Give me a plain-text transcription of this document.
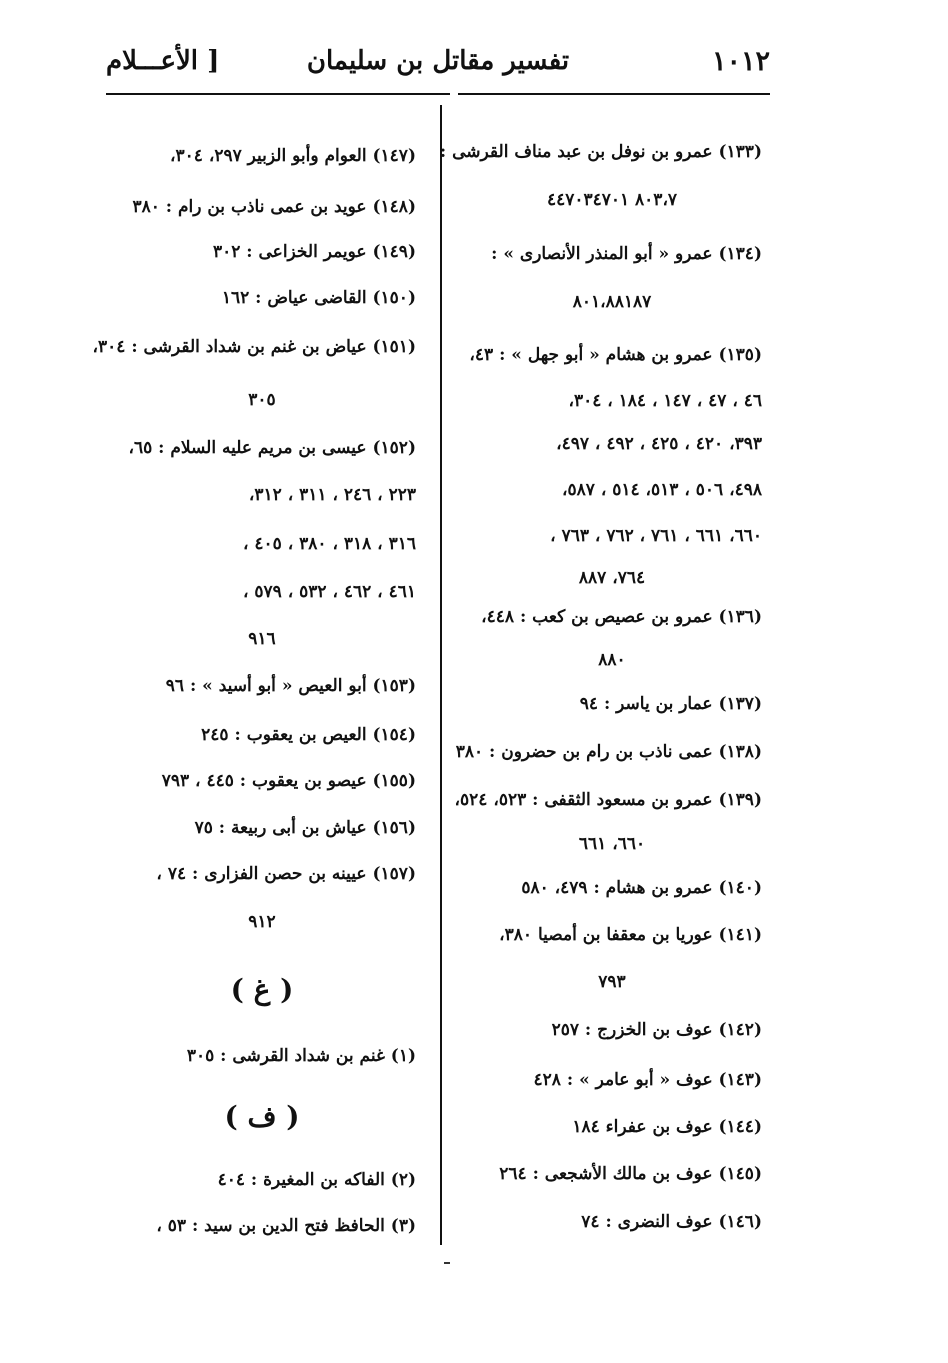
١٠١٢
تفسير مقاتل بن سليمان
[ الأعـــلام
(١٣٣) عمرو بن نوفل بن عبد مناف القرشى :
٨٠٣،٧ ٤٤٧٠٣٤٧٠١
(١٣٤) عمرو « أبو المنذر الأنصارى » :
٨٠١،٨٨١٨٧
(١٣٥) عمرو بن هشام « أبو جهل » : ٤٣،
٤٦ ، ٤٧ ، ١٤٧ ، ١٨٤ ، ٣٠٤،
٣٩٣، ٤٢٠ ، ٤٢٥ ، ٤٩٢ ، ٤٩٧،
٤٩٨، ٥٠٦ ، ٥١٣، ٥١٤ ، ٥٨٧،
٦٦٠، ٦٦١ ، ٧٦١ ، ٧٦٢ ، ٧٦٣ ،
٧٦٤، ٨٨٧
(١٣٦) عمرو بن عصيص بن كعب : ٤٤٨،
٨٨٠
(١٣٧) عمار بن ياسر : ٩٤
(١٣٨) عمى ناذب بن رام بن حضرون : ٣٨٠
(١٣٩) عمرو بن مسعود الثقفى : ٥٢٣، ٥٢٤،
٦٦٠، ٦٦١
(١٤٠) عمرو بن هشام : ٤٧٩، ٥٨٠
(١٤١) عوريا بن معقفا بن أمصيا ٣٨٠،
٧٩٣
(١٤٢) عوف بن الخزرج : ٢٥٧
(١٤٣) عوف « أبو عامر » : ٤٢٨
(١٤٤) عوف بن عفراء ١٨٤
(١٤٥) عوف بن مالك الأشجعى : ٢٦٤
(١٤٦) عوف النضرى : ٧٤
(١٤٧) العوام وأبو الزبير ٢٩٧، ٣٠٤،
(١٤٨) عويد بن عمى ناذب بن رام : ٣٨٠
(١٤٩) عويمر الخزاعى : ٣٠٢
(١٥٠) القاضى عياض : ١٦٢
(١٥١) عياض بن غنم بن شداد القرشى : ٣٠٤،
٣٠٥
(١٥٢) عيسى بن مريم عليه السلام : ٦٥،
٢٢٣ ، ٢٤٦ ، ٣١١ ، ٣١٢،
٣١٦ ، ٣١٨ ، ٣٨٠ ، ٤٠٥ ،
٤٦١ ، ٤٦٢ ، ٥٣٢ ، ٥٧٩ ،
٩١٦
(١٥٣) أبو العيص « أبو أسيد » : ٩٦
(١٥٤) العيص بن يعقوب : ٢٤٥
(١٥٥) عيصو بن يعقوب : ٤٤٥ ، ٧٩٣
(١٥٦) عياش بن أبى ربيعة : ٧٥
(١٥٧) عيينه بن حصن الفزارى : ٧٤ ،
٩١٢
( غ )
(١) غنم بن شداد القرشى : ٣٠٥
( ف )
(٢) الفاكه بن المغيرة : ٤٠٤
(٣) الحافظ فتح الدين بن سيد : ٥٣ ،
